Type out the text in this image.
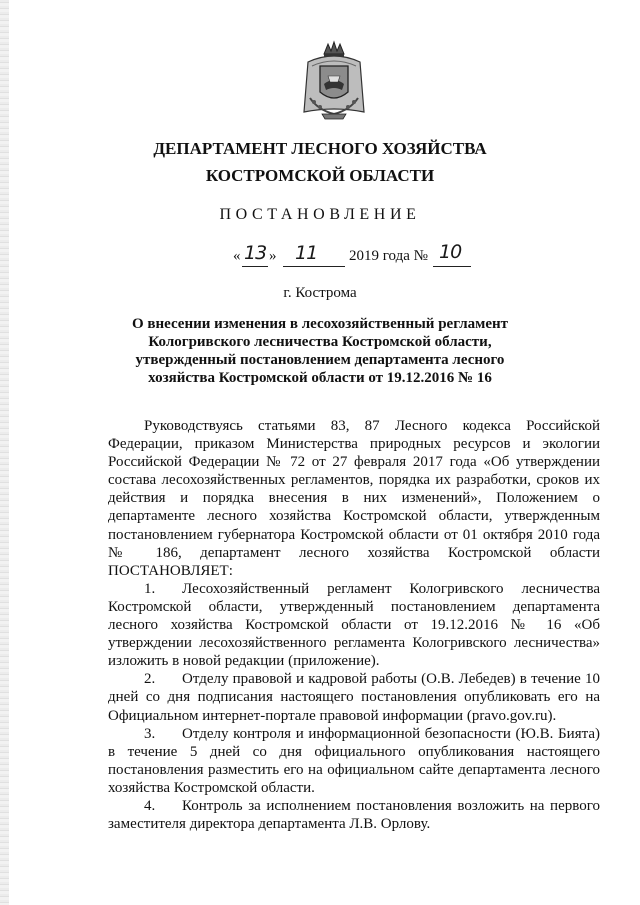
ДЕПАРТАМЕНТ ЛЕСНОГО ХОЗЯЙСТВА
КОСТРОМСКОЙ ОБЛАСТИ
ПОСТАНОВЛЕНИЕ
« 13 » 11 2019 года № 10
г. Кострома
О внесении изменения в лесохозяйственный регламент Кологривского лесничества Костромской области, утвержденный постановлением департамента лесного хозяйства Костромской области от 19.12.2016 № 16

Руководствуясь статьями 83, 87 Лесного кодекса Российской Федерации, приказом Министерства природных ресурсов и экологии Российской Федерации № 72 от 27 февраля 2017 года «Об утверждении состава лесохозяйственных регламентов, порядка их разработки, сроков их действия и порядка внесения в них изменений», Положением о департаменте лесного хозяйства Костромской области, утвержденным постановлением губернатора Костромской области от 01 октября 2010 года № 186, департамент лесного хозяйства Костромской области ПОСТАНОВЛЯЕТ:

1. Лесохозяйственный регламент Кологривского лесничества Костромской области, утвержденный постановлением департамента лесного хозяйства Костромской области от 19.12.2016 № 16 «Об утверждении лесохозяйственного регламента Кологривского лесничества» изложить в новой редакции (приложение).

2. Отделу правовой и кадровой работы (О.В. Лебедев) в течение 10 дней со дня подписания настоящего постановления опубликовать его на Официальном интернет-портале правовой информации (pravo.gov.ru).

3. Отделу контроля и информационной безопасности (Ю.В. Бията) в течение 5 дней со дня официального опубликования настоящего постановления разместить его на официальном сайте департамента лесного хозяйства Костромской области.

4. Контроль за исполнением постановления возложить на первого заместителя директора департамента Л.В. Орлову.
